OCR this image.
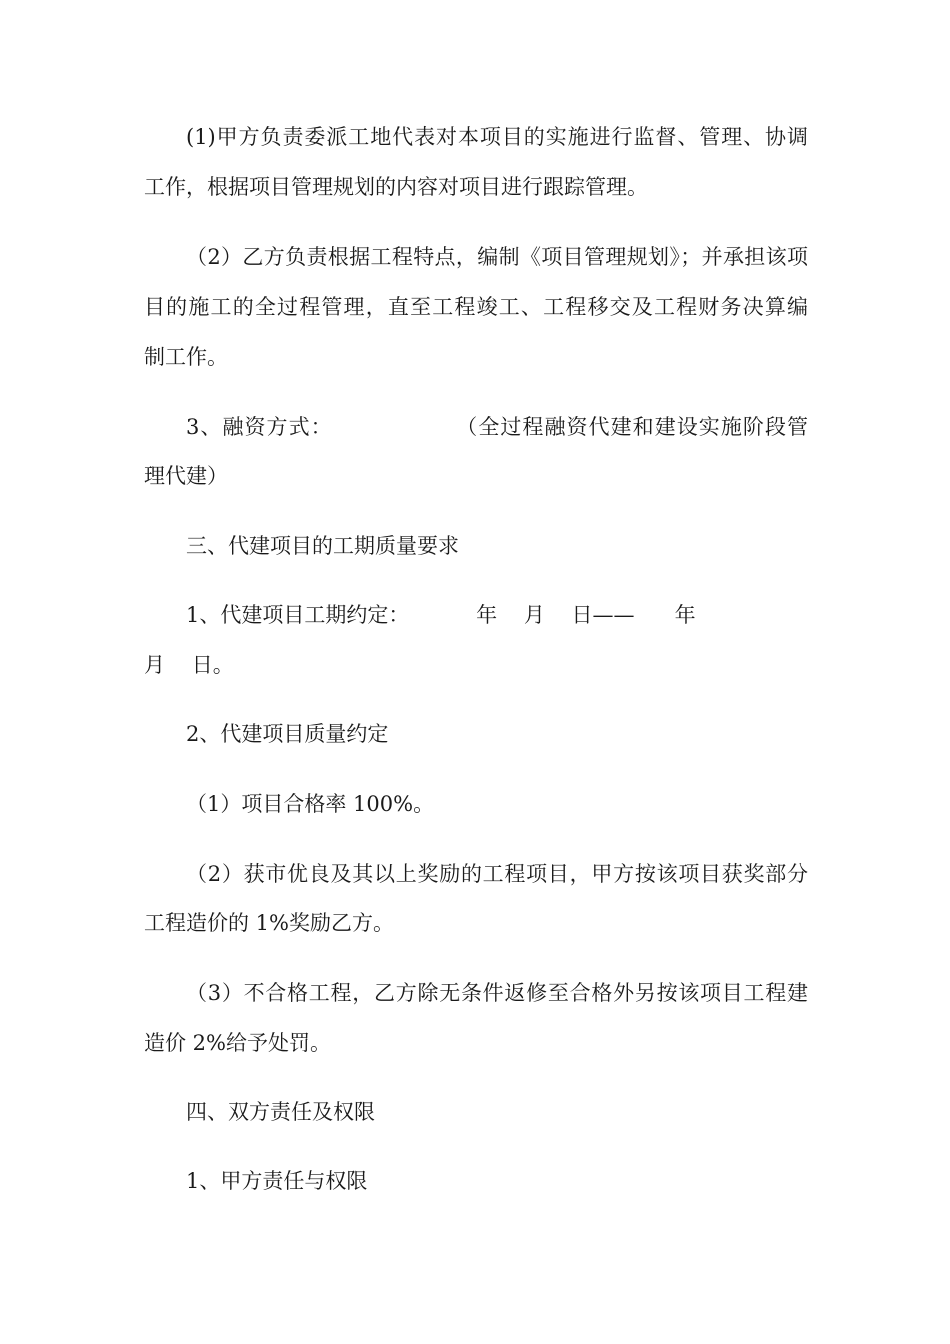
(1)甲方负责委派工地代表对本项目的实施进行监督、管理、协调
工作，根据项目管理规划的内容对项目进行跟踪管理。
（2）乙方负责根据工程特点，编制《项目管理规划》；并承担该项
目的施工的全过程管理，直至工程竣工、工程移交及工程财务决算编
制工作。
3、融资方式：                （全过程融资代建和建设实施阶段管
理代建）
三、代建项目的工期质量要求
1、代建项目工期约定：          年    月    日——      年
月    日。
2、代建项目质量约定
（1）项目合格率 100%。
（2）获市优良及其以上奖励的工程项目，甲方按该项目获奖部分
工程造价的 1%奖励乙方。
（3）不合格工程，乙方除无条件返修至合格外另按该项目工程建
造价 2%给予处罚。
四、双方责任及权限
1、甲方责任与权限
